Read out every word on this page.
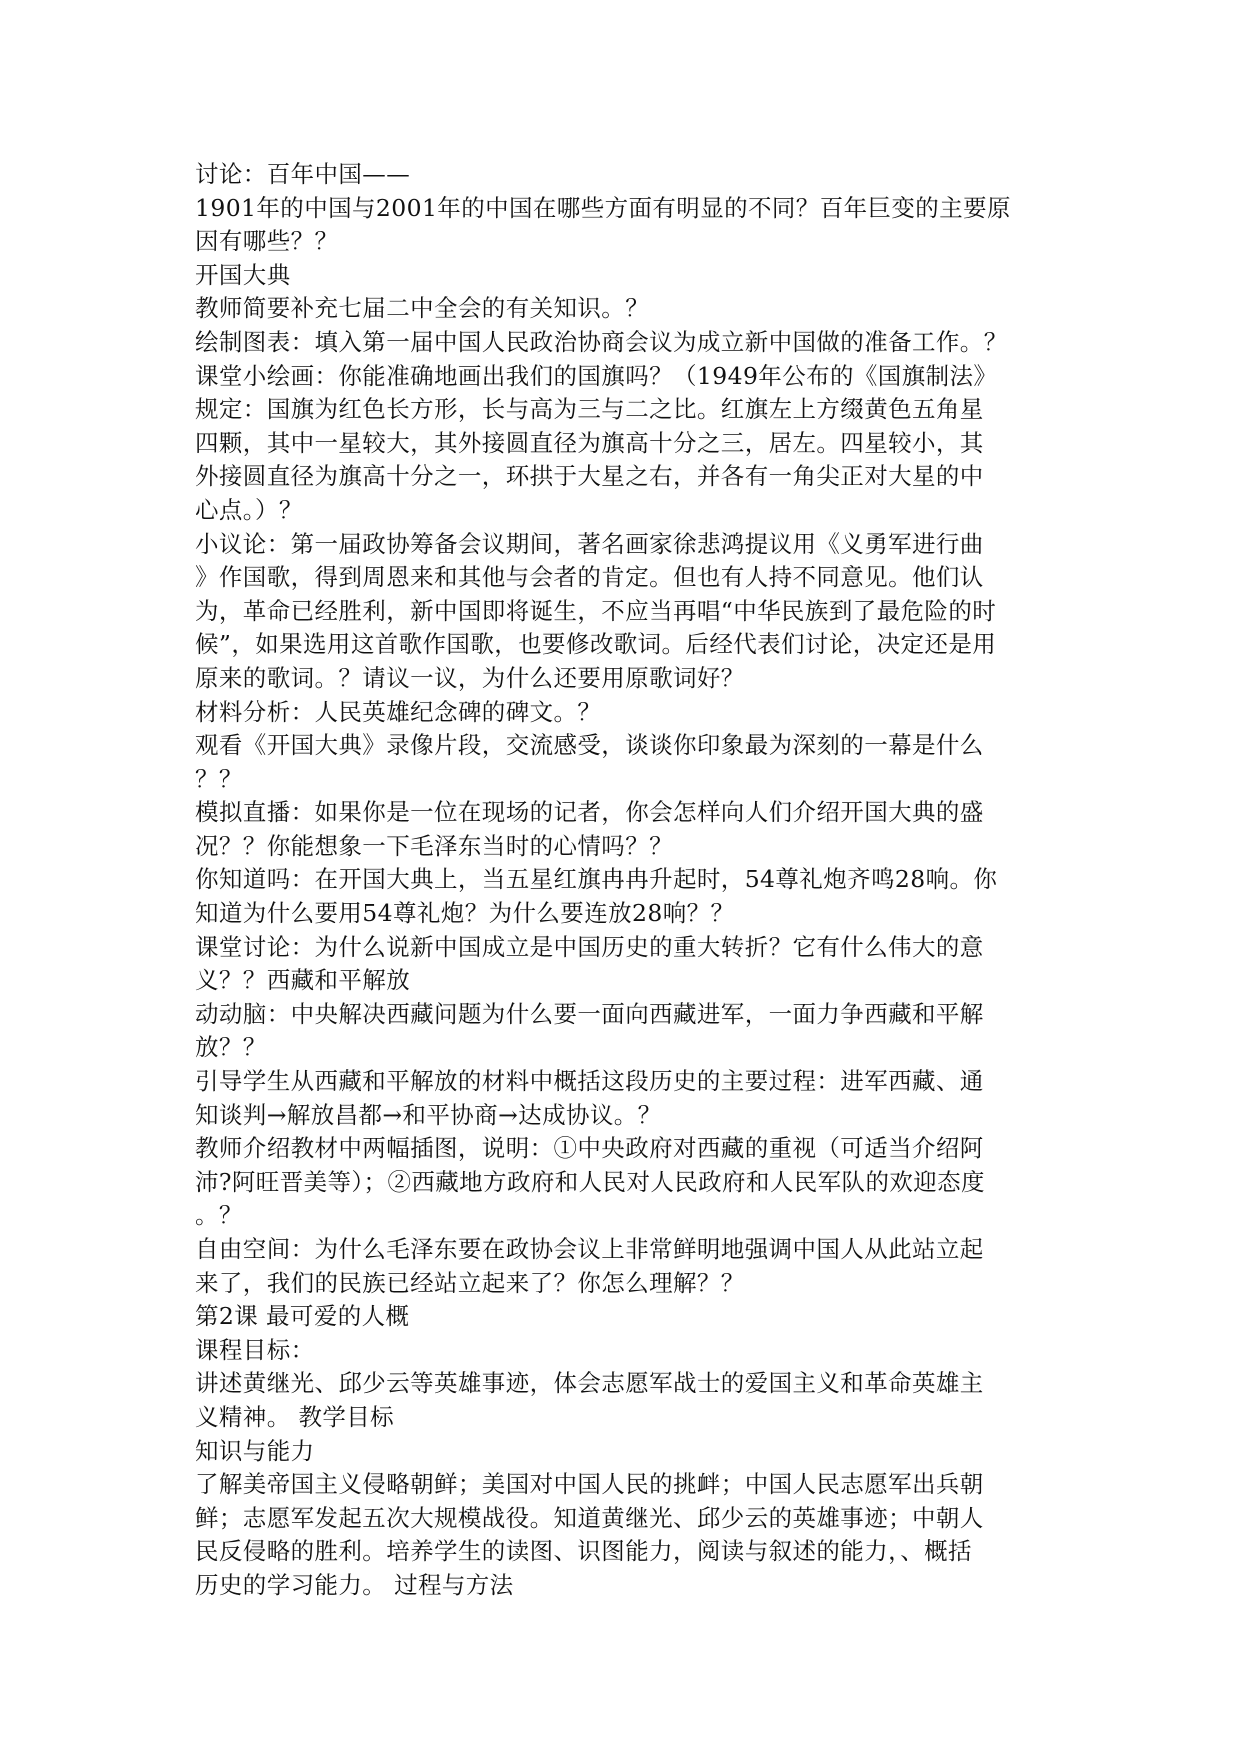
讨论：百年中国——
1901年的中国与2001年的中国在哪些方面有明显的不同？百年巨变的主要原
因有哪些？？
开国大典
教师简要补充七届二中全会的有关知识。？
绘制图表：填入第一届中国人民政治协商会议为成立新中国做的准备工作。？
课堂小绘画：你能准确地画出我们的国旗吗？（1949年公布的《国旗制法》
规定：国旗为红色长方形，长与高为三与二之比。红旗左上方缀黄色五角星
四颗，其中一星较大，其外接圆直径为旗高十分之三，居左。四星较小，其
外接圆直径为旗高十分之一，环拱于大星之右，并各有一角尖正对大星的中
心点。）？
小议论：第一届政协筹备会议期间，著名画家徐悲鸿提议用《义勇军进行曲
》作国歌，得到周恩来和其他与会者的肯定。但也有人持不同意见。他们认
为，革命已经胜利，新中国即将诞生，不应当再唱“中华民族到了最危险的时
候”，如果选用这首歌作国歌，也要修改歌词。后经代表们讨论，决定还是用
原来的歌词。？请议一议，为什么还要用原歌词好？
材料分析：人民英雄纪念碑的碑文。？
观看《开国大典》录像片段，交流感受，谈谈你印象最为深刻的一幕是什么
？？
模拟直播：如果你是一位在现场的记者，你会怎样向人们介绍开国大典的盛
况？？你能想象一下毛泽东当时的心情吗？？
你知道吗：在开国大典上，当五星红旗冉冉升起时，54尊礼炮齐鸣28响。你
知道为什么要用54尊礼炮？为什么要连放28响？？
课堂讨论：为什么说新中国成立是中国历史的重大转折？它有什么伟大的意
义？？西藏和平解放
动动脑：中央解决西藏问题为什么要一面向西藏进军，一面力争西藏和平解
放？？
引导学生从西藏和平解放的材料中概括这段历史的主要过程：进军西藏、通
知谈判→解放昌都→和平协商→达成协议。？
教师介绍教材中两幅插图，说明：①中央政府对西藏的重视（可适当介绍阿
沛?阿旺晋美等）；②西藏地方政府和人民对人民政府和人民军队的欢迎态度
。？
自由空间：为什么毛泽东要在政协会议上非常鲜明地强调中国人从此站立起
来了，我们的民族已经站立起来了？你怎么理解？？
第2课 最可爱的人概
课程目标：
讲述黄继光、邱少云等英雄事迹，体会志愿军战士的爱国主义和革命英雄主
义精神。 教学目标
知识与能力
了解美帝国主义侵略朝鲜；美国对中国人民的挑衅；中国人民志愿军出兵朝
鲜；志愿军发起五次大规模战役。知道黄继光、邱少云的英雄事迹；中朝人
民反侵略的胜利。培养学生的读图、识图能力，阅读与叙述的能力，、概括
历史的学习能力。 过程与方法
